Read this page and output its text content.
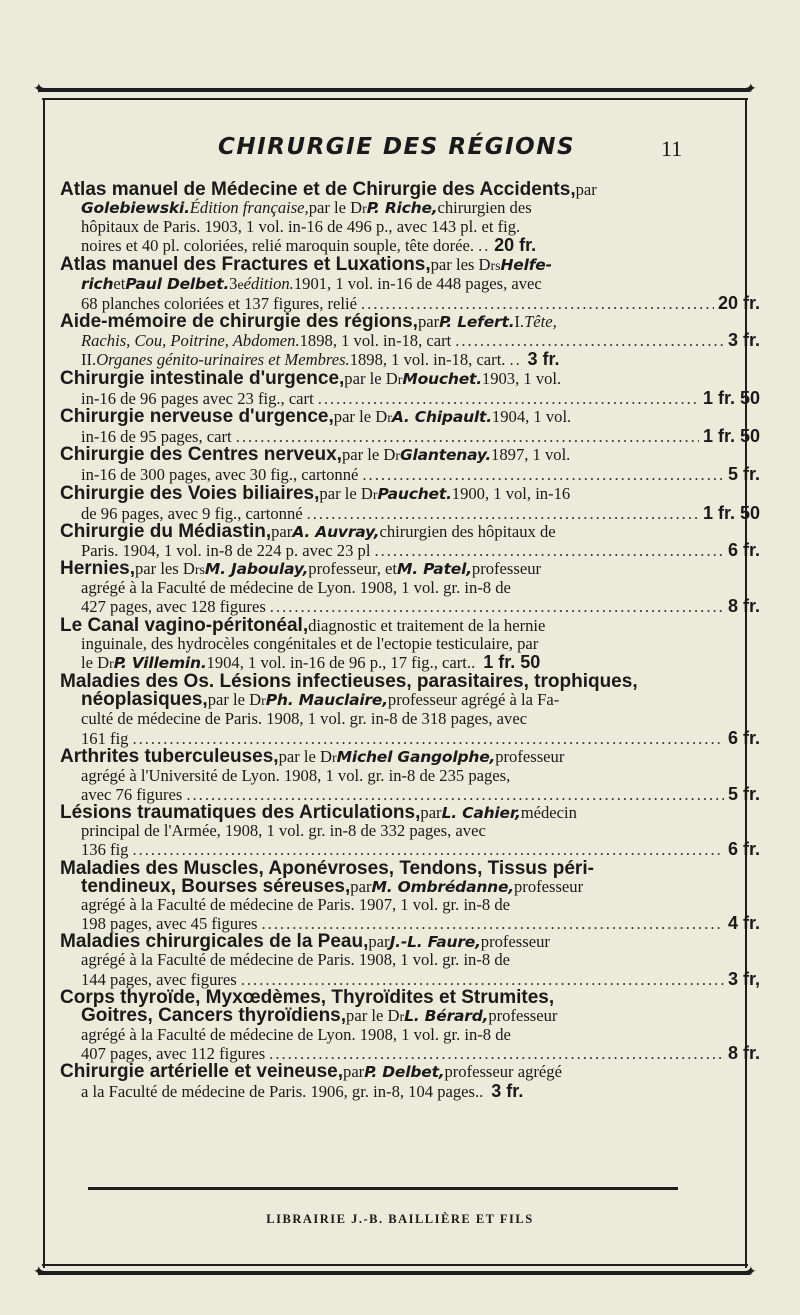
✦	✦
✦	✦
CHIRURGIE DES RÉGIONS	11
Atlas manuel de Médecine et de Chirurgie des Accidents, par
Golebiewski. Édition française, par le D r P. Riche, chirurgien des
hôpitaux de Paris. 1903, 1 vol. in-16 de 496 p., avec 143 pl. et fig.
noires et 40 pl. coloriées, relié maroquin souple, tête dorée. ..... 20 fr.
Atlas manuel des Fractures et Luxations, par les D rs Helfe-
rich et Paul Delbet. 3 e édition. 1901, 1 vol. in-16 de 448 pages, avec
68 planches coloriées et 137 figures, relié .....	20 fr.
Aide-mémoire de chirurgie des régions, par P. Lefert. I. Tête,
Rachis, Cou, Poitrine, Abdomen. 1898, 1 vol. in-18, cart .....	3 fr.
II. Organes génito-urinaires et Membres. 1898, 1 vol. in-18, cart. ..... 3 fr.
Chirurgie intestinale d'urgence, par le D r Mouchet. 1903, 1 vol.
in-16 de 96 pages avec 23 fig., cart .....	1 fr. 50
Chirurgie nerveuse d'urgence, par le D r A. Chipault. 1904, 1 vol.
in-16 de 95 pages, cart .....	1 fr. 50
Chirurgie des Centres nerveux, par le D r Glantenay. 1897, 1 vol.
in-16 de 300 pages, avec 30 fig., cartonné .....	5 fr.
Chirurgie des Voies biliaires, par le D r Pauchet. 1900, 1 vol, in-16
de 96 pages, avec 9 fig., cartonné .....	1 fr. 50
Chirurgie du Médiastin, par A. Auvray, chirurgien des hôpitaux de
Paris. 1904, 1 vol. in-8 de 224 p. avec 23 pl .....	6 fr.
Hernies, par les D rs M. Jaboulay, professeur, et M. Patel, professeur
agrégé à la Faculté de médecine de Lyon. 1908, 1 vol. gr. in-8 de
427 pages, avec 128 figures .....	8 fr.
Le Canal vagino-péritonéal, diagnostic et traitement de la hernie
inguinale, des hydrocèles congénitales et de l'ectopie testiculaire, par
le D r P. Villemin. 1904, 1 vol. in-16 de 96 p., 17 fig., cart.. 1 fr. 50
Maladies des Os. Lésions infectieuses, parasitaires, trophiques,
néoplasiques, par le D r Ph. Mauclaire, professeur agrégé à la Fa-
culté de médecine de Paris. 1908, 1 vol. gr. in-8 de 318 pages, avec
161 fig .....	6 fr.
Arthrites tuberculeuses, par le D r Michel Gangolphe, professeur
agrégé à l'Université de Lyon. 1908, 1 vol. gr. in-8 de 235 pages,
avec 76 figures .....	5 fr.
Lésions traumatiques des Articulations, par L. Cahier, médecin
principal de l'Armée, 1908, 1 vol. gr. in-8 de 332 pages, avec
136 fig .....	6 fr.
Maladies des Muscles, Aponévroses, Tendons, Tissus péri-
tendineux, Bourses séreuses, par M. Ombrédanne, professeur
agrégé à la Faculté de médecine de Paris. 1907, 1 vol. gr. in-8 de
198 pages, avec 45 figures .....	4 fr.
Maladies chirurgicales de la Peau, par J.-L. Faure, professeur
agrégé à la Faculté de médecine de Paris. 1908, 1 vol. gr. in-8 de
144 pages, avec figures .....	3 fr,
Corps thyroïde, Myxœdèmes, Thyroïdites et Strumites,
Goitres, Cancers thyroïdiens, par le D r L. Bérard, professeur
agrégé à la Faculté de médecine de Lyon. 1908, 1 vol. gr. in-8 de
407 pages, avec 112 figures .....	8 fr.
Chirurgie artérielle et veineuse, par P. Delbet, professeur agrégé
a la Faculté de médecine de Paris. 1906, gr. in-8, 104 pages.. 3 fr.
LIBRAIRIE J.-B. BAILLIÈRE ET FILS
